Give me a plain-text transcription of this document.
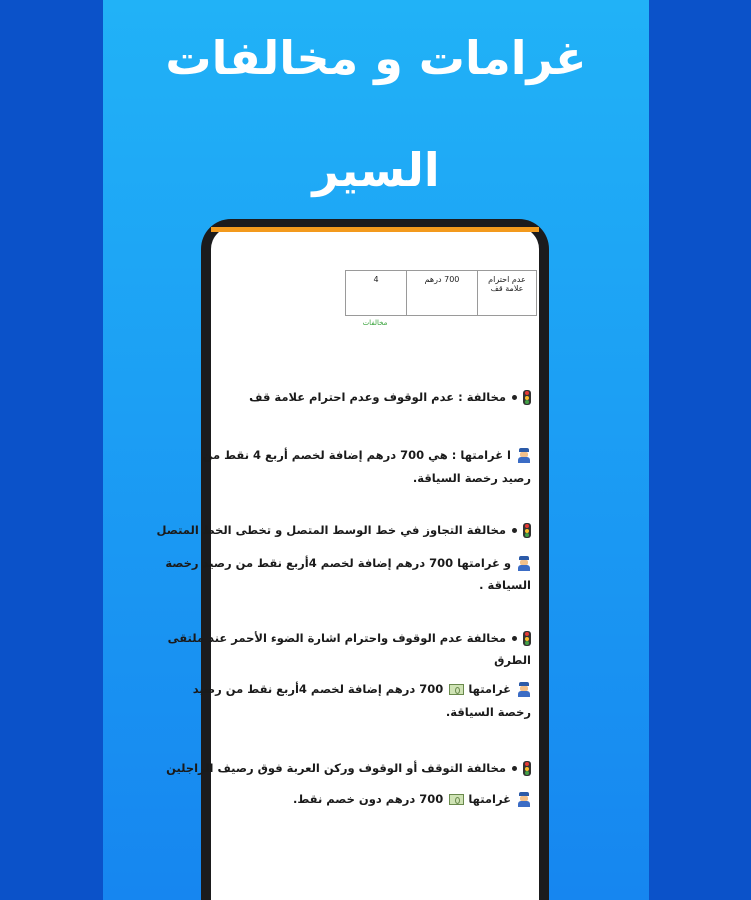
غرامات و مخالفات
السير
عدم احترام علامة قف
700 درهم
4
مخالفات
مخالفة : عدم الوقوف وعدم احترام علامة قف
ا غرامتها : هي 700 درهم إضافة لخصم أربع 4 نقط من
رصيد رخصة السياقة.
مخالفة التجاوز في خط الوسط المتصل و تخطى الخط المتصل
و غرامتها 700 درهم إضافة لخصم 4أربع نقط من رصيد رخصة
السياقة .
مخالفة عدم الوقوف واحترام اشارة الضوء الأحمر عند ملتقى
الطرق
غرامتها700 درهم إضافة لخصم 4أربع نقط من رصيد
رخصة السياقة.
مخالفة التوقف أو الوقوف وركن العربة فوق رصيف الراجلين
غرامتها700 درهم دون خصم نقط.
